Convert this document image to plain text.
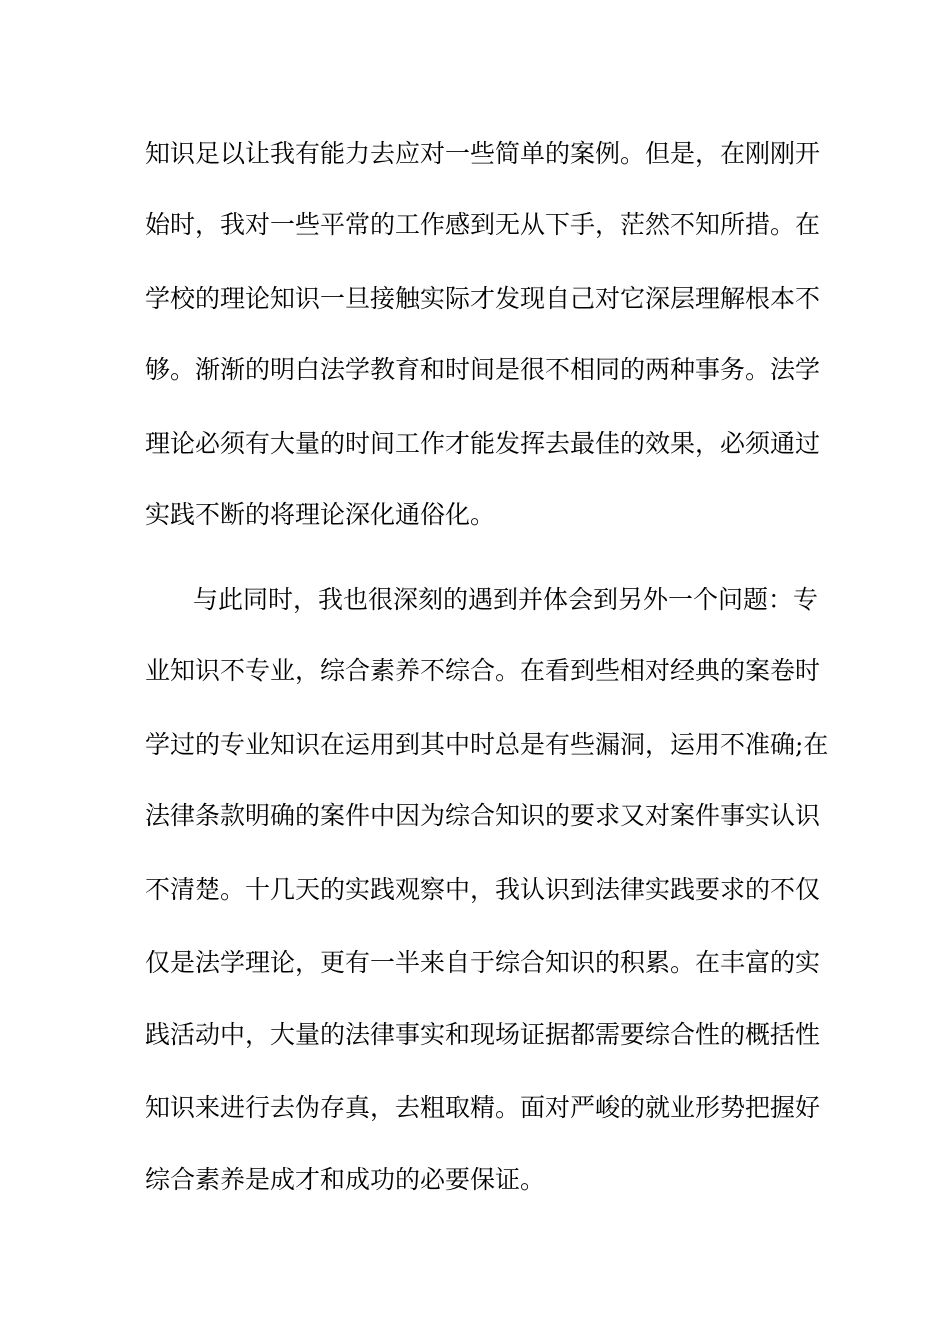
知识足以让我有能力去应对一些简单的案例。但是，在刚刚开
始时，我对一些平常的工作感到无从下手，茫然不知所措。在
学校的理论知识一旦接触实际才发现自己对它深层理解根本不
够。渐渐的明白法学教育和时间是很不相同的两种事务。法学
理论必须有大量的时间工作才能发挥去最佳的效果，必须通过
实践不断的将理论深化通俗化。
与此同时，我也很深刻的遇到并体会到另外一个问题：专
业知识不专业，综合素养不综合。在看到些相对经典的案卷时
学过的专业知识在运用到其中时总是有些漏洞，运用不准确;在
法律条款明确的案件中因为综合知识的要求又对案件事实认识
不清楚。十几天的实践观察中，我认识到法律实践要求的不仅
仅是法学理论，更有一半来自于综合知识的积累。在丰富的实
践活动中，大量的法律事实和现场证据都需要综合性的概括性
知识来进行去伪存真，去粗取精。面对严峻的就业形势把握好
综合素养是成才和成功的必要保证。
